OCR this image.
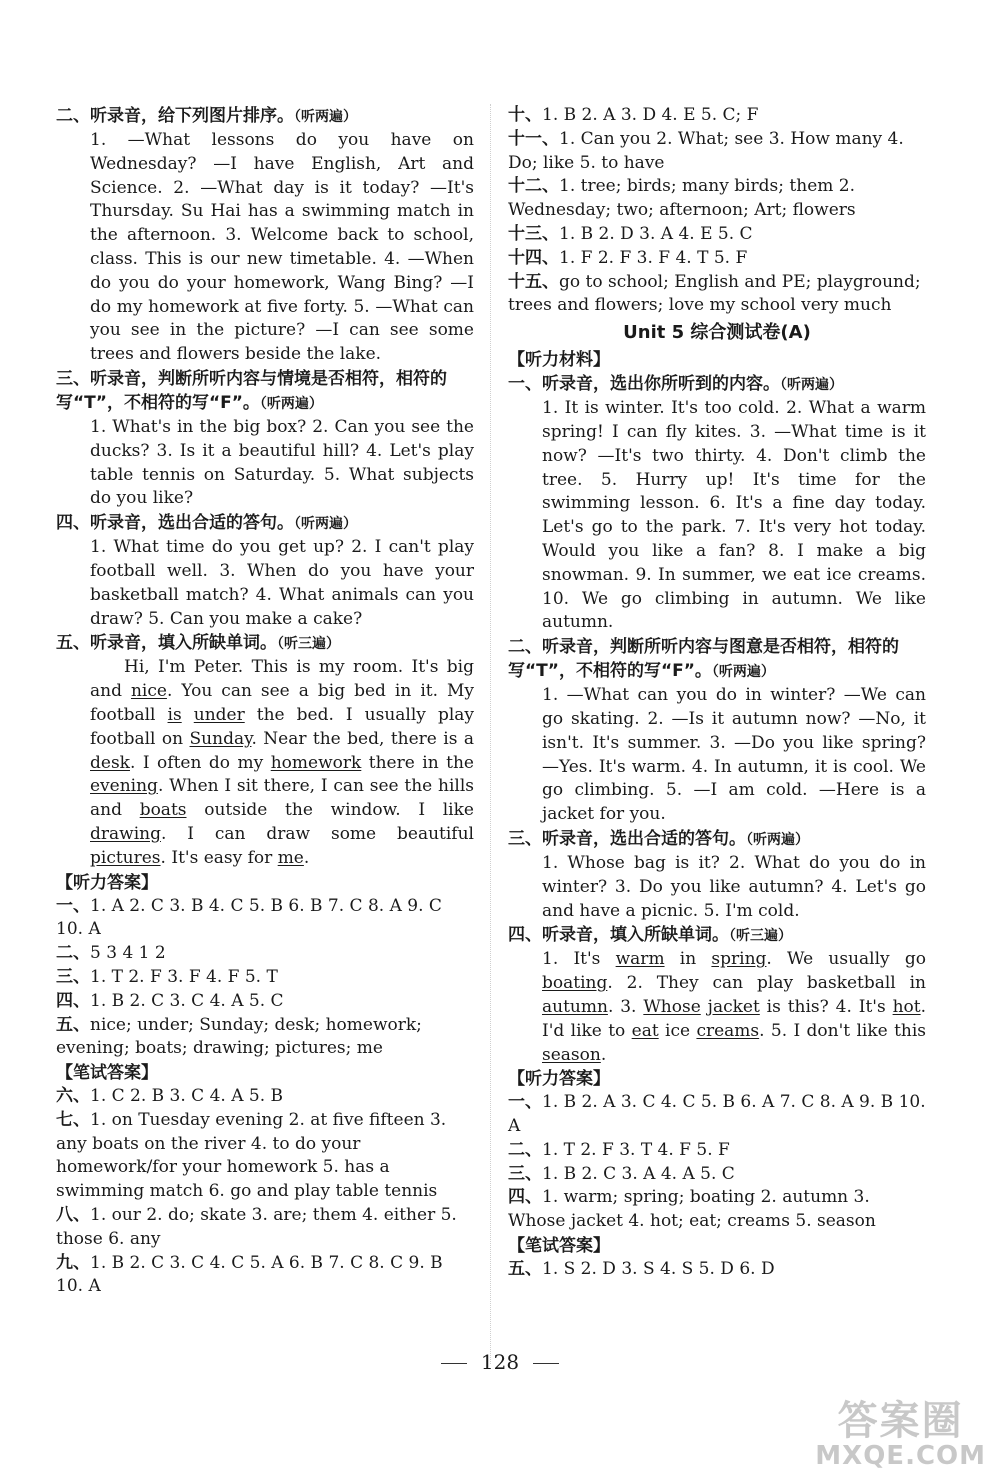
二、听录音，给下列图片排序。（听两遍）

1. —What lessons do you have on Wednesday? —I have English, Art and Science. 2. —What day is it today? —It's Thursday. Su Hai has a swimming match in the afternoon. 3. Welcome back to school, class. This is our new timetable. 4. —When do you do your homework, Wang Bing? —I do my homework at five forty. 5. —What can you see in the picture? —I can see some trees and flowers beside the lake.

三、听录音，判断所听内容与情境是否相符，相符的写“T”，不相符的写“F”。（听两遍）

1. What's in the big box? 2. Can you see the ducks? 3. Is it a beautiful hill? 4. Let's play table tennis on Saturday. 5. What subjects do you like?

四、听录音，选出合适的答句。（听两遍）

1. What time do you get up? 2. I can't play football well. 3. When do you have your basketball match? 4. What animals can you draw? 5. Can you make a cake?

五、听录音，填入所缺单词。（听三遍）

Hi, I'm Peter. This is my room. It's big and nice. You can see a big bed in it. My football is under the bed. I usually play football on Sunday. Near the bed, there is a desk. I often do my homework there in the evening. When I sit there, I can see the hills and boats outside the window. I like drawing. I can draw some beautiful pictures. It's easy for me.

【听力答案】
一、1. A 2. C 3. B 4. C 5. B 6. B 7. C 8. A 9. C 10. A
二、5 3 4 1 2
三、1. T 2. F 3. F 4. F 5. T
四、1. B 2. C 3. C 4. A 5. C
五、nice; under; Sunday; desk; homework; evening; boats; drawing; pictures; me
【笔试答案】
六、1. C 2. B 3. C 4. A 5. B
七、1. on Tuesday evening 2. at five fifteen 3. any boats on the river 4. to do your homework/for your homework 5. has a swimming match 6. go and play table tennis
八、1. our 2. do; skate 3. are; them 4. either 5. those 6. any
九、1. B 2. C 3. C 4. C 5. A 6. B 7. C 8. C 9. B 10. A
十、1. B 2. A 3. D 4. E 5. C; F
十一、1. Can you 2. What; see 3. How many 4. Do; like 5. to have
十二、1. tree; birds; many birds; them 2. Wednesday; two; afternoon; Art; flowers
十三、1. B 2. D 3. A 4. E 5. C
十四、1. F 2. F 3. F 4. T 5. F
十五、go to school; English and PE; playground; trees and flowers; love my school very much
Unit 5 综合测试卷(A)
【听力材料】
一、听录音，选出你所听到的内容。（听两遍）

1. It is winter. It's too cold. 2. What a warm spring! I can fly kites. 3. —What time is it now? —It's two thirty. 4. Don't climb the tree. 5. Hurry up! It's time for the swimming lesson. 6. It's a fine day today. Let's go to the park. 7. It's very hot today. Would you like a fan? 8. I make a big snowman. 9. In summer, we eat ice creams. 10. We go climbing in autumn. We like autumn.

二、听录音，判断所听内容与图意是否相符，相符的写“T”，不相符的写“F”。（听两遍）

1. —What can you do in winter? —We can go skating. 2. —Is it autumn now? —No, it isn't. It's summer. 3. —Do you like spring? —Yes. It's warm. 4. In autumn, it is cool. We go climbing. 5. —I am cold. —Here is a jacket for you.

三、听录音，选出合适的答句。（听两遍）

1. Whose bag is it? 2. What do you do in winter? 3. Do you like autumn? 4. Let's go and have a picnic. 5. I'm cold.

四、听录音，填入所缺单词。（听三遍）

1. It's warm in spring. We usually go boating. 2. They can play basketball in autumn. 3. Whose jacket is this? 4. It's hot. I'd like to eat ice creams. 5. I don't like this season.

【听力答案】
一、1. B 2. A 3. C 4. C 5. B 6. A 7. C 8. A 9. B 10. A
二、1. T 2. F 3. T 4. F 5. F
三、1. B 2. C 3. A 4. A 5. C
四、1. warm; spring; boating 2. autumn 3. Whose jacket 4. hot; eat; creams 5. season
【笔试答案】
五、1. S 2. D 3. S 4. S 5. D 6. D
128
答案圈
MXQE.COM
